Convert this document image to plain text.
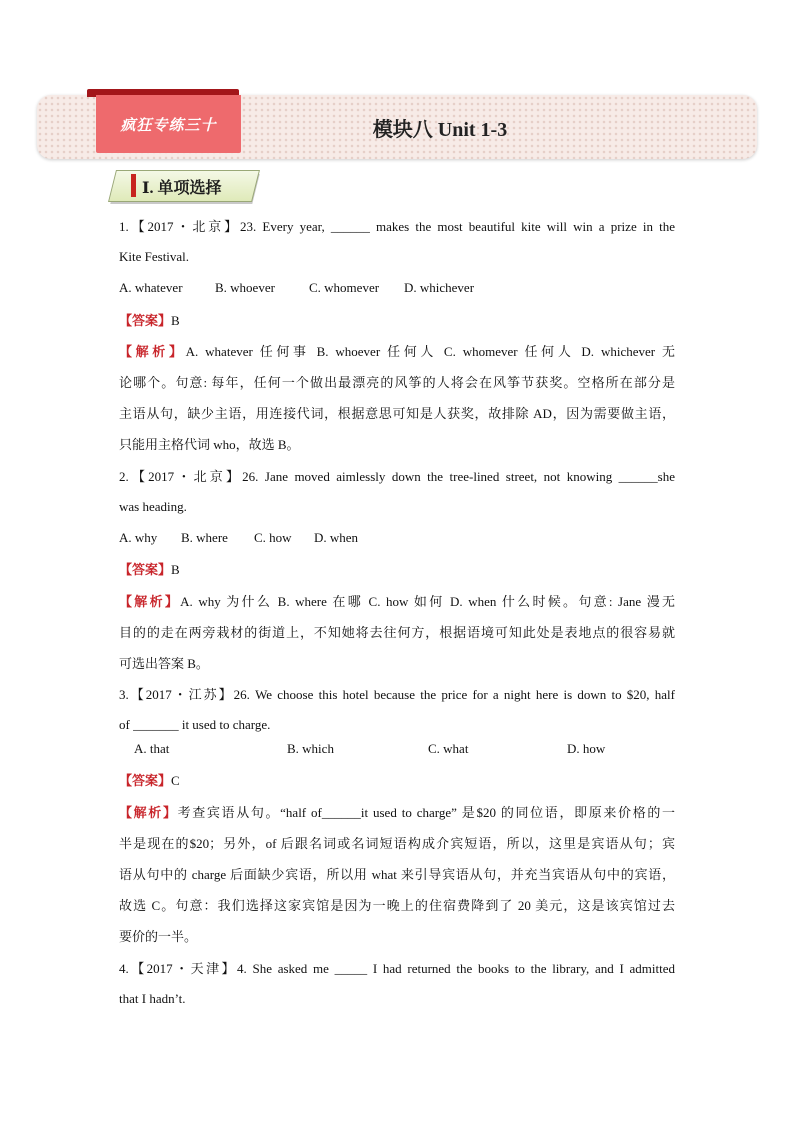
疯狂专练三十	模块八 Unit 1-3
Ⅰ. 单项选择
1.【2017・北京】23. Every year, ______ makes the most beautiful kite will win a prize in the
Kite Festival.
A. whatever B. whoever	C. whomever D. whichever
【答案】B
【解析】A. whatever 任何事 B. whoever 任何人 C. whomever 任何人 D. whichever 无
论哪个。句意: 每年，任何一个做出最漂亮的风筝的人将会在风筝节获奖。空格所在部分是
主语从句，缺少主语，用连接代词，根据意思可知是人获奖，故排除 AD，因为需要做主语，
只能用主格代词 who，故选 B。
2.【2017・北京】26. Jane moved aimlessly down the tree-lined street, not knowing ______she
was heading.
A. why B. where C. how D. when
【答案】B
【解析】A. why 为什么 B. where 在哪 C. how 如何 D. when 什么时候。句意: Jane 漫无
目的的走在两旁栽材的街道上，不知她将去往何方，根据语境可知此处是表地点的很容易就
可选出答案 B。
3.【2017・江苏】26. We choose this hotel because the price for a night here is down to $20, half
of _______ it used to charge.
A. that	B. which	C. what	D. how
【答案】C
【解析】考查宾语从句。“half of______it used to charge” 是$20 的同位语，即原来价格的一
半是现在的$20；另外，of 后跟名词或名词短语构成介宾短语，所以，这里是宾语从句；宾
语从句中的 charge 后面缺少宾语，所以用 what 来引导宾语从句，并充当宾语从句中的宾语，
故选 C。句意：我们选择这家宾馆是因为一晚上的住宿费降到了 20 美元，这是该宾馆过去
要价的一半。
4.【2017・天津】4. She asked me _____ I had returned the books to the library, and I admitted
that I hadn’t.
